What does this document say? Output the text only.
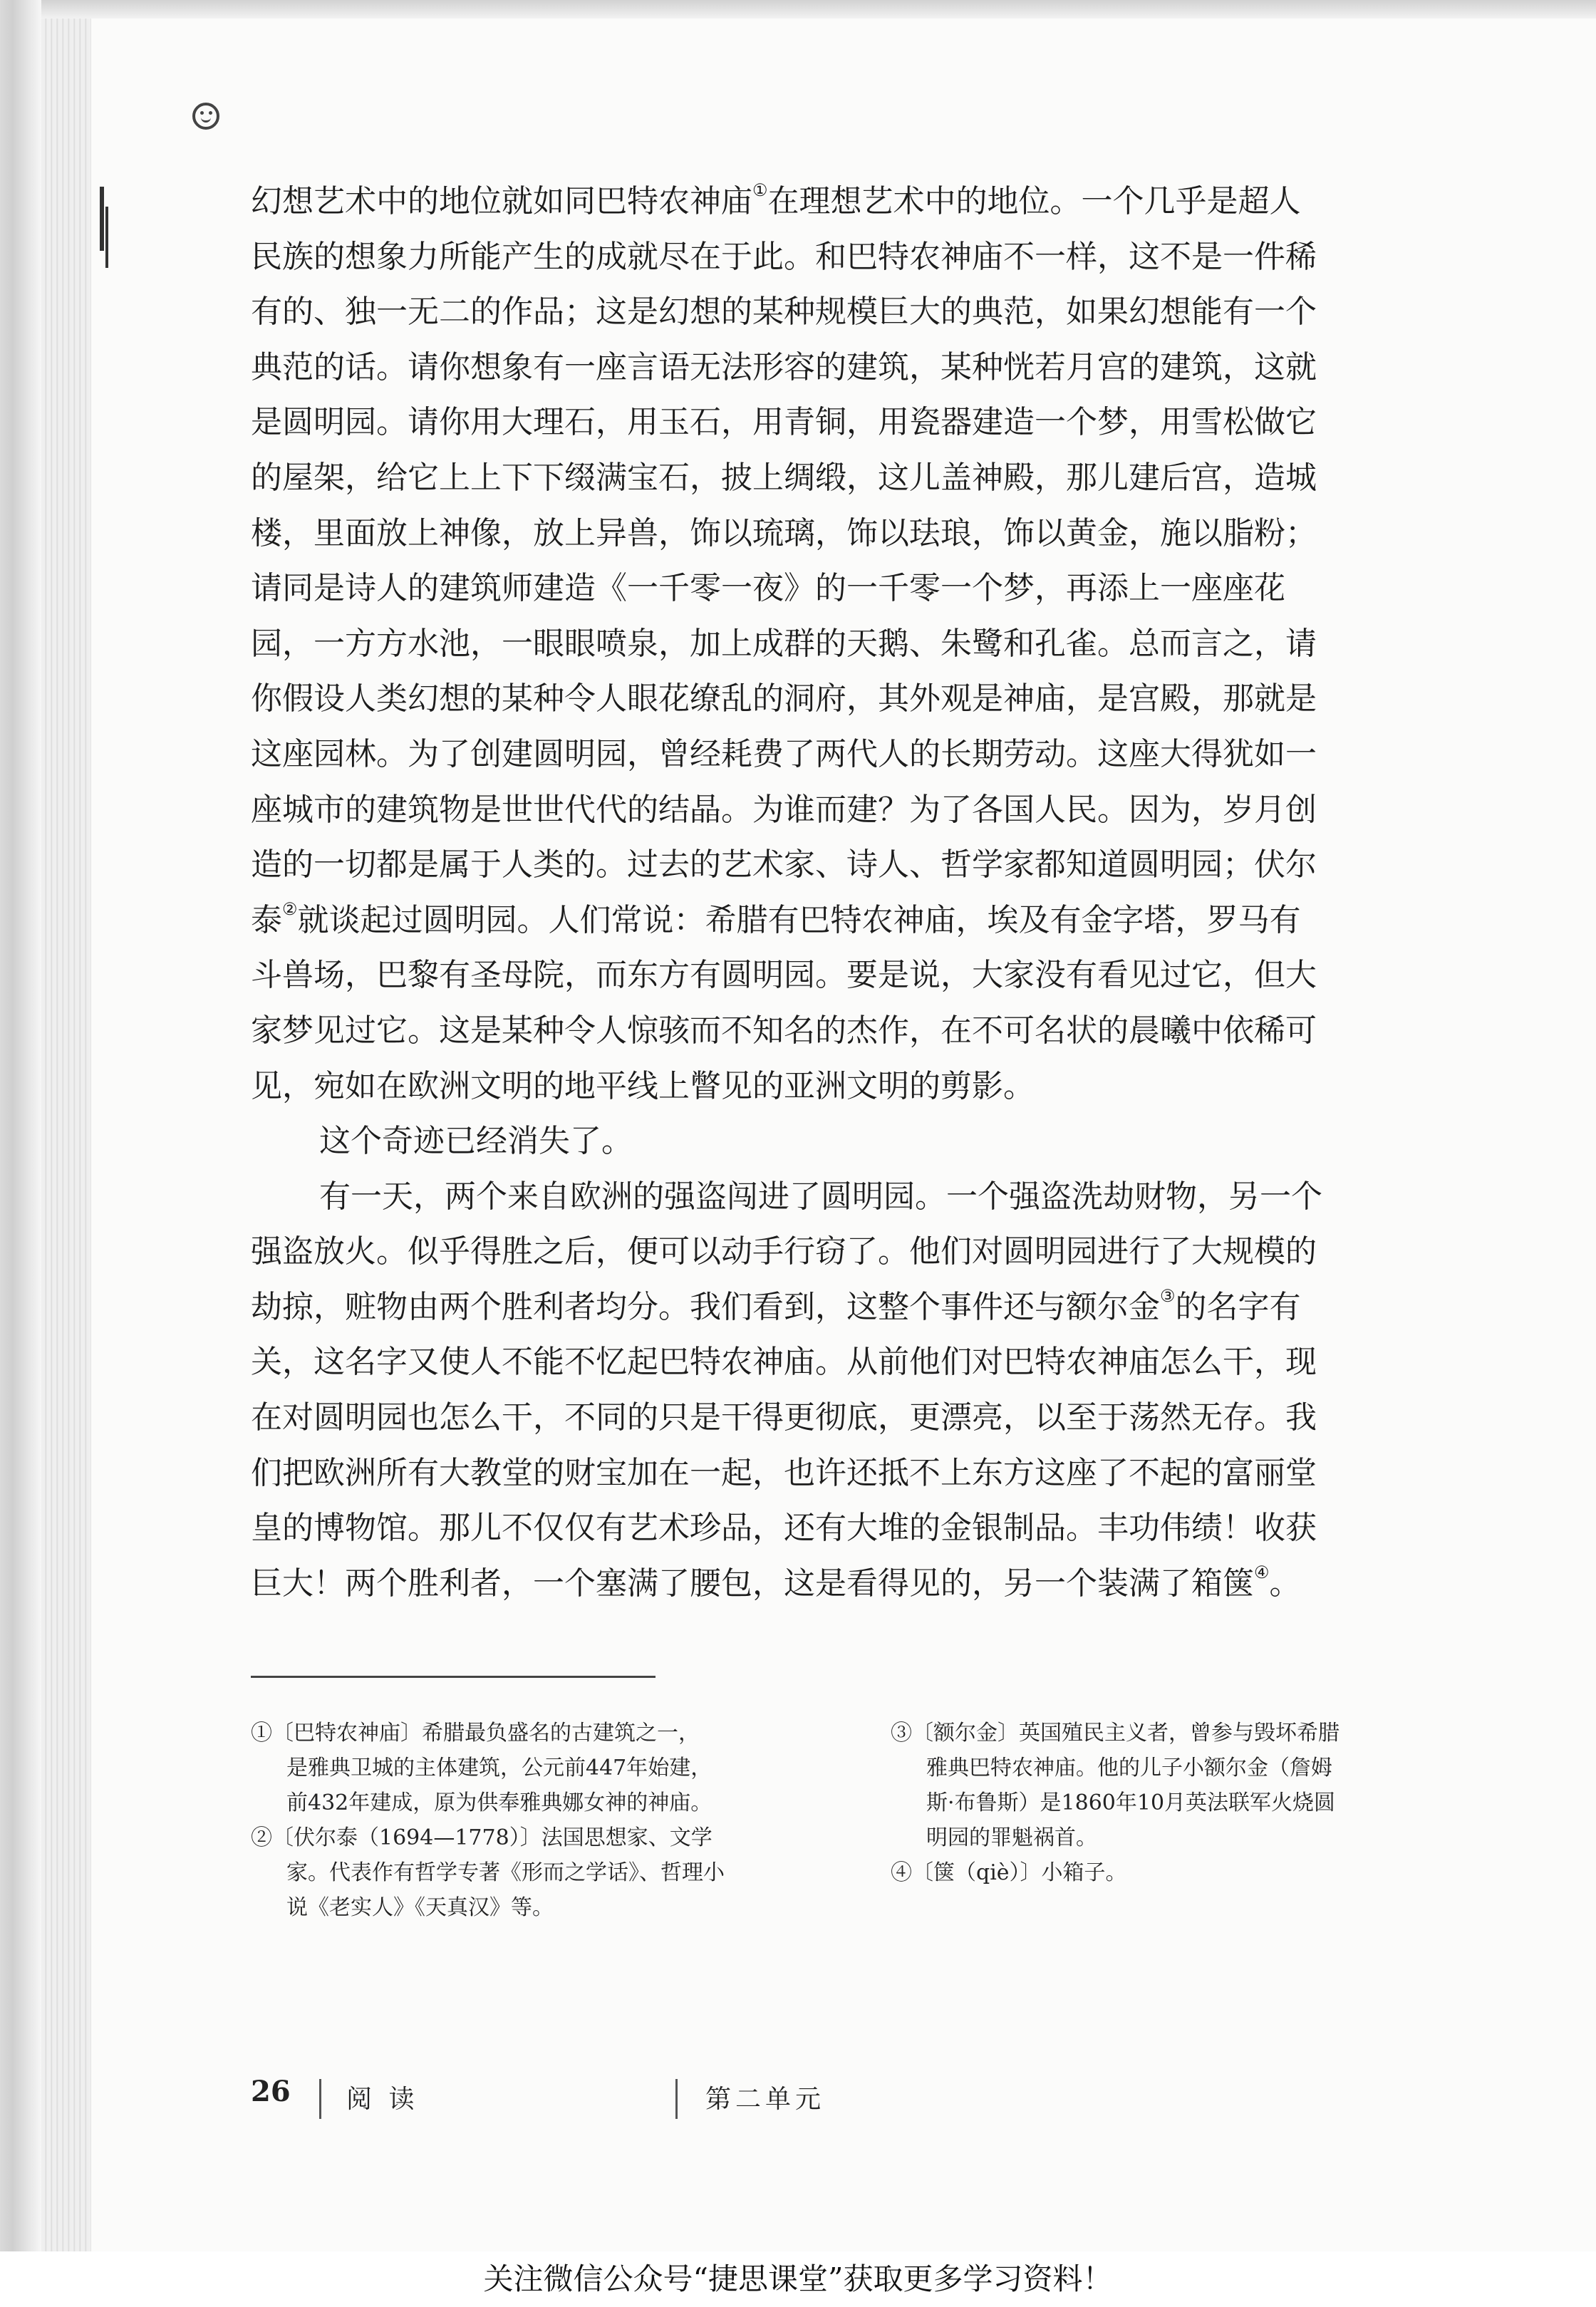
幻想艺术中的地位就如同巴特农神庙①在理想艺术中的地位。一个几乎是超人
民族的想象力所能产生的成就尽在于此。和巴特农神庙不一样，这不是一件稀
有的、独一无二的作品；这是幻想的某种规模巨大的典范，如果幻想能有一个
典范的话。请你想象有一座言语无法形容的建筑，某种恍若月宫的建筑，这就
是圆明园。请你用大理石，用玉石，用青铜，用瓷器建造一个梦，用雪松做它
的屋架，给它上上下下缀满宝石，披上绸缎，这儿盖神殿，那儿建后宫，造城
楼，里面放上神像，放上异兽，饰以琉璃，饰以珐琅，饰以黄金，施以脂粉；
请同是诗人的建筑师建造《一千零一夜》的一千零一个梦，再添上一座座花
园，一方方水池，一眼眼喷泉，加上成群的天鹅、朱鹭和孔雀。总而言之，请
你假设人类幻想的某种令人眼花缭乱的洞府，其外观是神庙，是宫殿，那就是
这座园林。为了创建圆明园，曾经耗费了两代人的长期劳动。这座大得犹如一
座城市的建筑物是世世代代的结晶。为谁而建？为了各国人民。因为，岁月创
造的一切都是属于人类的。过去的艺术家、诗人、哲学家都知道圆明园；伏尔
泰②就谈起过圆明园。人们常说：希腊有巴特农神庙，埃及有金字塔，罗马有
斗兽场，巴黎有圣母院，而东方有圆明园。要是说，大家没有看见过它，但大
家梦见过它。这是某种令人惊骇而不知名的杰作，在不可名状的晨曦中依稀可
见，宛如在欧洲文明的地平线上瞥见的亚洲文明的剪影。
这个奇迹已经消失了。
有一天，两个来自欧洲的强盗闯进了圆明园。一个强盗洗劫财物，另一个
强盗放火。似乎得胜之后，便可以动手行窃了。他们对圆明园进行了大规模的
劫掠，赃物由两个胜利者均分。我们看到，这整个事件还与额尔金③的名字有
关，这名字又使人不能不忆起巴特农神庙。从前他们对巴特农神庙怎么干，现
在对圆明园也怎么干，不同的只是干得更彻底，更漂亮，以至于荡然无存。我
们把欧洲所有大教堂的财宝加在一起，也许还抵不上东方这座了不起的富丽堂
皇的博物馆。那儿不仅仅有艺术珍品，还有大堆的金银制品。丰功伟绩！收获
巨大！两个胜利者，一个塞满了腰包，这是看得见的，另一个装满了箱箧④。
①〔巴特农神庙〕希腊最负盛名的古建筑之一，
是雅典卫城的主体建筑，公元前447年始建，
前432年建成，原为供奉雅典娜女神的神庙。
②〔伏尔泰（1694—1778）〕法国思想家、文学
家。代表作有哲学专著《形而之学话》、哲理小
说《老实人》《天真汉》等。
③〔额尔金〕英国殖民主义者，曾参与毁坏希腊
雅典巴特农神庙。他的儿子小额尔金（詹姆
斯·布鲁斯）是1860年10月英法联军火烧圆
明园的罪魁祸首。
④〔箧（qiè）〕小箱子。
26 阅 读	第二单元
关注微信公众号“捷思课堂”获取更多学习资料！
